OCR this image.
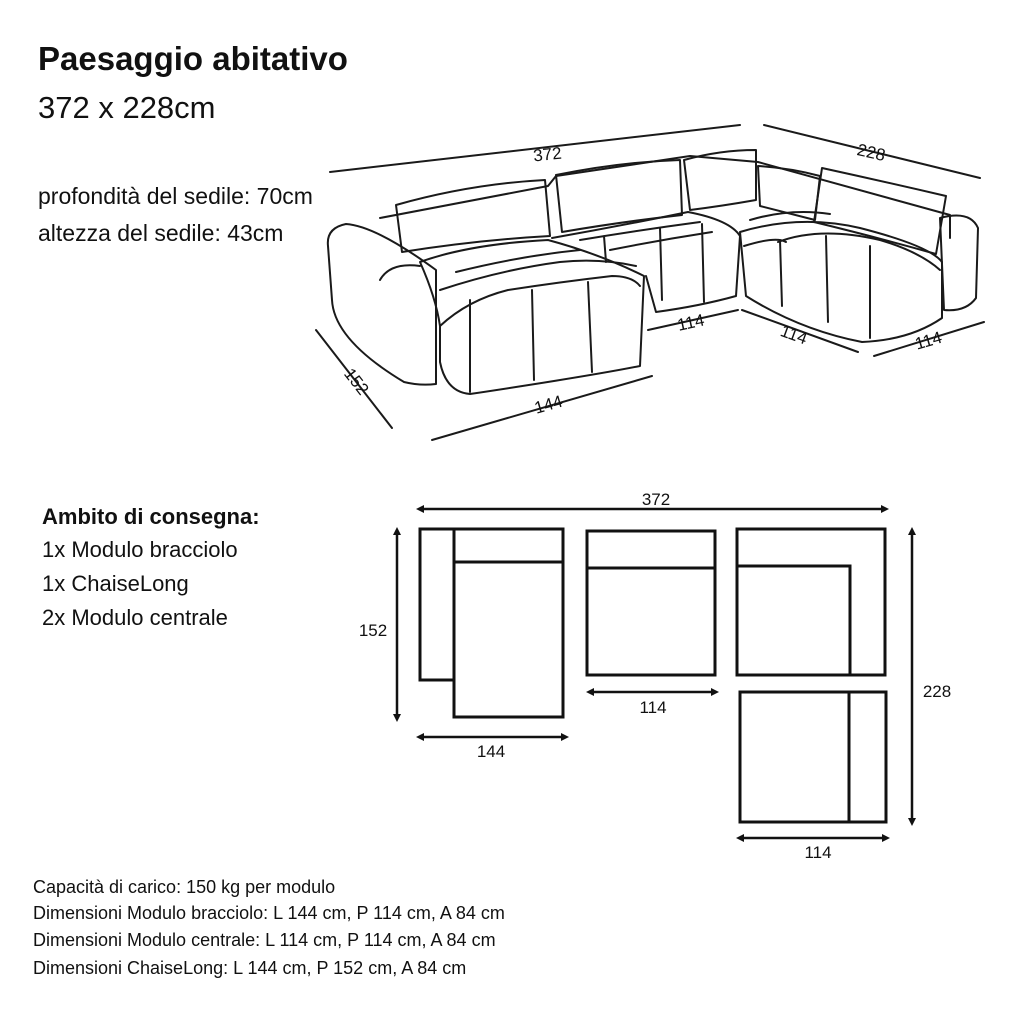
Paesaggio abitativo
372 x 228cm
profondità del sedile: 70cm
altezza del sedile: 43cm
372	228
152
144
114	114	114
372
152
228
144
114
114
Ambito di consegna:
1x Modulo bracciolo
1x ChaiseLong
2x Modulo centrale
Capacità di carico: 150 kg per modulo
Dimensioni Modulo bracciolo: L 144 cm, P 114 cm, A 84 cm
Dimensioni Modulo centrale: L 114 cm, P 114 cm, A 84 cm
Dimensioni ChaiseLong: L 144 cm, P 152 cm, A 84 cm
